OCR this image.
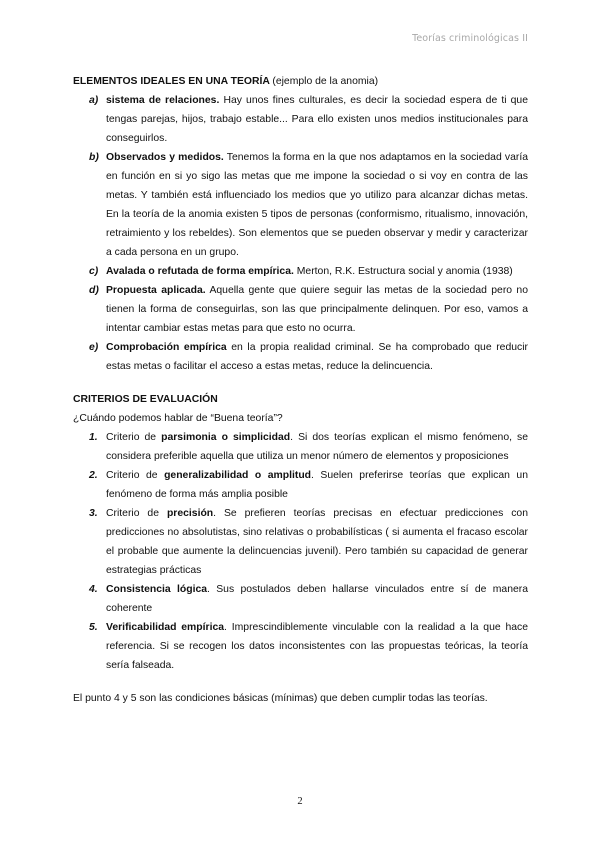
Teorías criminológicas II

ELEMENTOS IDEALES EN UNA TEORÍA (ejemplo de la anomia)

a) sistema de relaciones. Hay unos fines culturales, es decir la sociedad espera de ti que tengas parejas, hijos, trabajo estable... Para ello existen unos medios institucionales para conseguirlos.
b) Observados y medidos. Tenemos la forma en la que nos adaptamos en la sociedad varía en función en si yo sigo las metas que me impone la sociedad o si voy en contra de las metas. Y también está influenciado los medios que yo utilizo para alcanzar dichas metas. En la teoría de la anomia existen 5 tipos de personas (conformismo, ritualismo, innovación, retraimiento y los rebeldes). Son elementos que se pueden observar y medir y caracterizar a cada persona en un grupo.
c) Avalada o refutada de forma empírica. Merton, R.K. Estructura social y anomia (1938)
d) Propuesta aplicada. Aquella gente que quiere seguir las metas de la sociedad pero no tienen la forma de conseguirlas, son las que principalmente delinquen. Por eso, vamos a intentar cambiar estas metas para que esto no ocurra.
e) Comprobación empírica en la propia realidad criminal. Se ha comprobado que reducir estas metas o facilitar el acceso a estas metas, reduce la delincuencia.

CRITERIOS DE EVALUACIÓN

¿Cuándo podemos hablar de “Buena teoría”?

1. Criterio de parsimonia o simplicidad. Si dos teorías explican el mismo fenómeno, se considera preferible aquella que utiliza un menor número de elementos y proposiciones
2. Criterio de generalizabilidad o amplitud. Suelen preferirse teorías que explican un fenómeno de forma más amplia posible
3. Criterio de precisión. Se prefieren teorías precisas en efectuar predicciones con predicciones no absolutistas, sino relativas o probabilísticas ( si aumenta el fracaso escolar el probable que aumente la delincuencias juvenil). Pero también su capacidad de generar estrategias prácticas
4. Consistencia lógica. Sus postulados deben hallarse vinculados entre sí de manera coherente
5. Verificabilidad empírica. Imprescindiblemente vinculable con la realidad a la que hace referencia. Si se recogen los datos inconsistentes con las propuestas teóricas, la teoría sería falseada.

El punto 4 y 5 son las condiciones básicas (mínimas) que deben cumplir todas las teorías.

2
